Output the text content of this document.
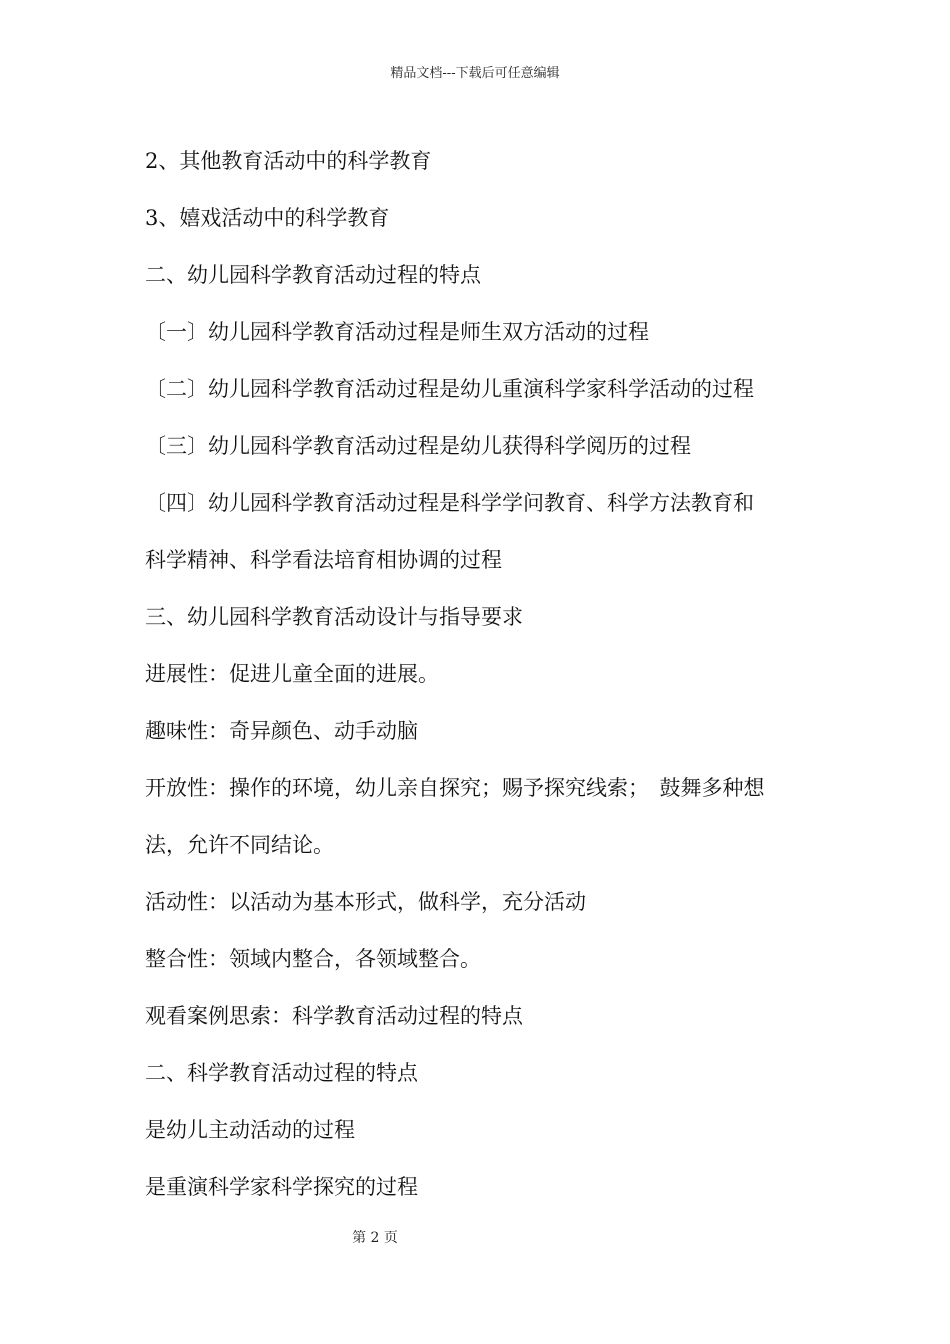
精品文档---下载后可任意编辑
2、其他教育活动中的科学教育
3、嬉戏活动中的科学教育
二、幼儿园科学教育活动过程的特点
〔一〕幼儿园科学教育活动过程是师生双方活动的过程
〔二〕幼儿园科学教育活动过程是幼儿重演科学家科学活动的过程
〔三〕幼儿园科学教育活动过程是幼儿获得科学阅历的过程
〔四〕幼儿园科学教育活动过程是科学学问教育、科学方法教育和
科学精神、科学看法培育相协调的过程
三、幼儿园科学教育活动设计与指导要求
进展性：促进儿童全面的进展。
趣味性：奇异颜色、动手动脑
开放性：操作的环境，幼儿亲自探究；赐予探究线索；　鼓舞多种想
法，允许不同结论。
活动性：以活动为基本形式，做科学，充分活动
整合性：领域内整合，各领域整合。
观看案例思索：科学教育活动过程的特点
二、科学教育活动过程的特点
是幼儿主动活动的过程
是重演科学家科学探究的过程
第 2 页
